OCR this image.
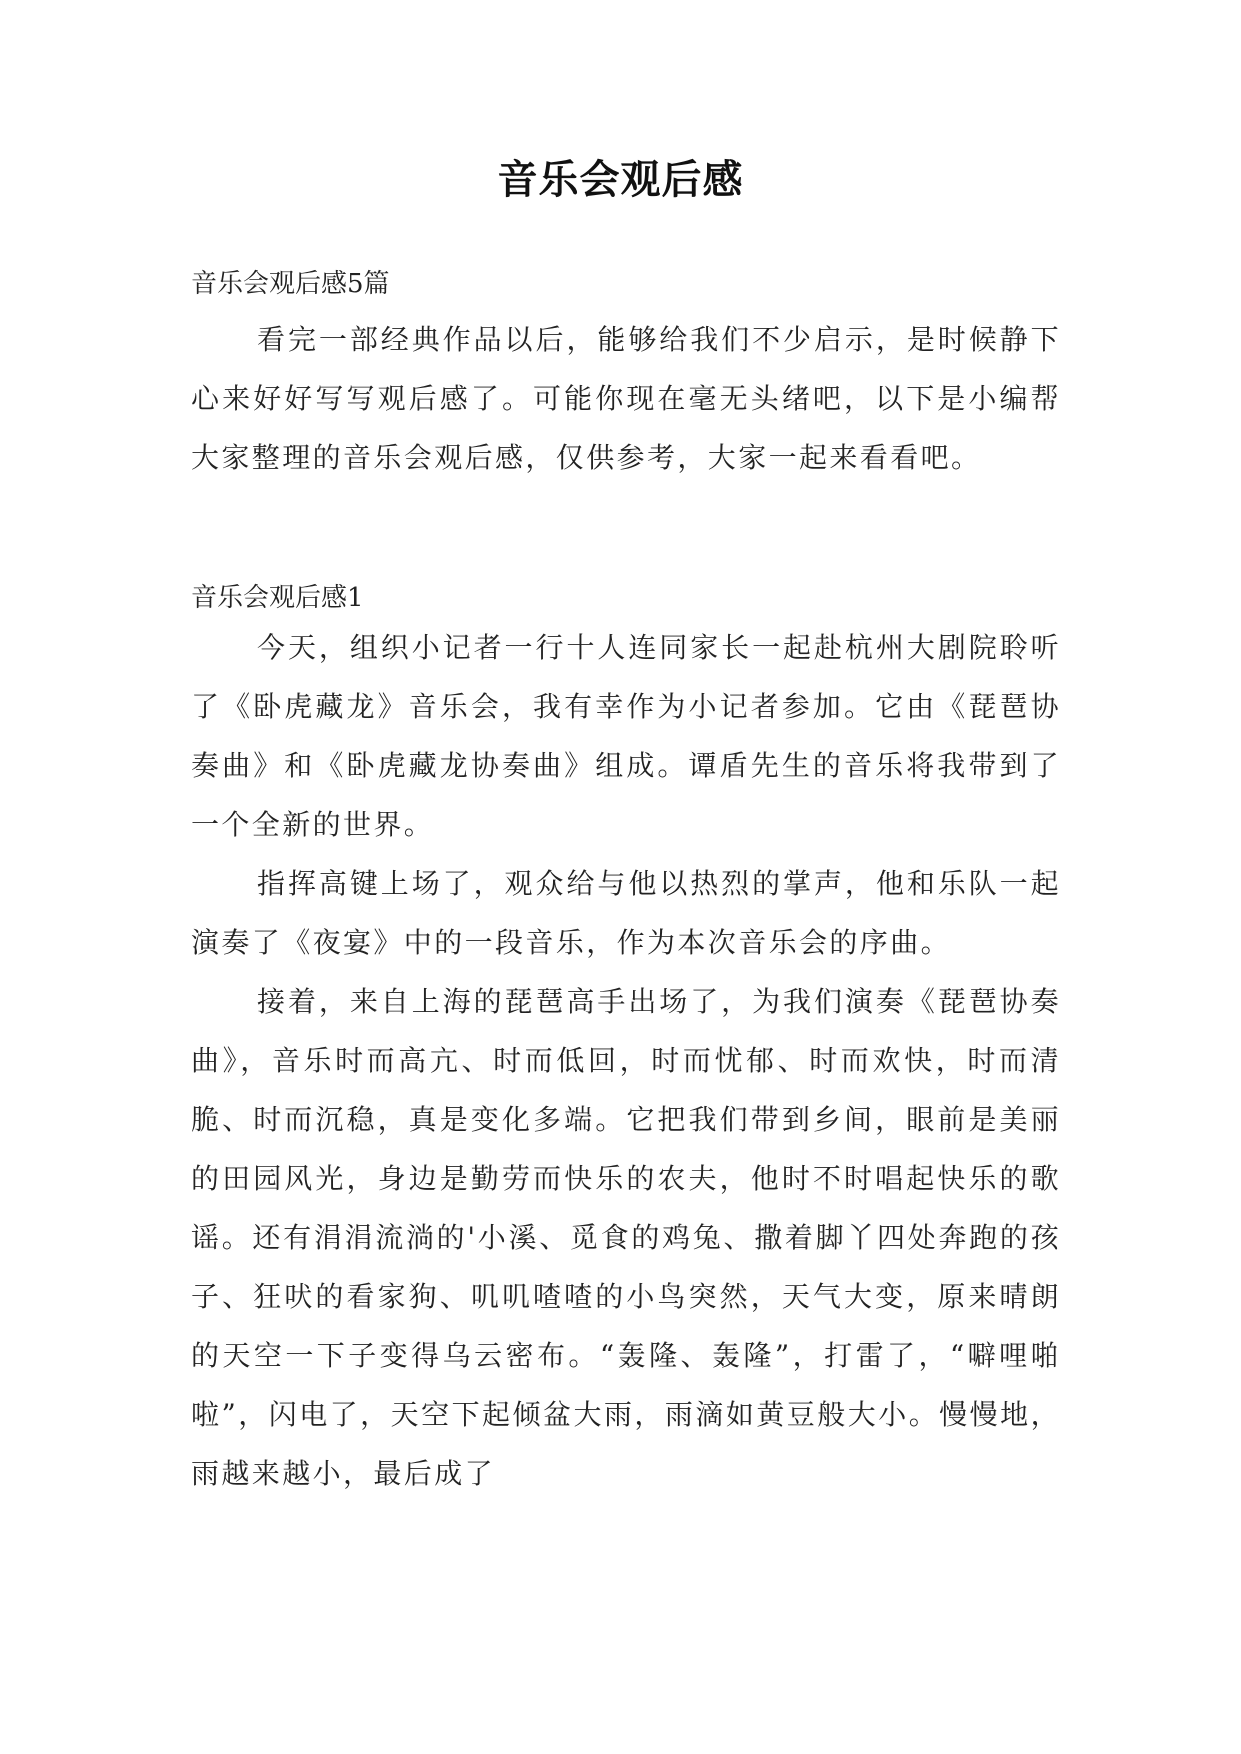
音乐会观后感
音乐会观后感5篇

看完一部经典作品以后，能够给我们不少启示，是时候静下心来好好写写观后感了。可能你现在毫无头绪吧，以下是小编帮大家整理的音乐会观后感，仅供参考，大家一起来看看吧。

音乐会观后感1

今天，组织小记者一行十人连同家长一起赴杭州大剧院聆听了《卧虎藏龙》音乐会，我有幸作为小记者参加。它由《琵琶协奏曲》和《卧虎藏龙协奏曲》组成。谭盾先生的音乐将我带到了一个全新的世界。

指挥高键上场了，观众给与他以热烈的掌声，他和乐队一起演奏了《夜宴》中的一段音乐，作为本次音乐会的序曲。

接着，来自上海的琵琶高手出场了，为我们演奏《琵琶协奏曲》，音乐时而高亢、时而低回，时而忧郁、时而欢快，时而清脆、时而沉稳，真是变化多端。它把我们带到乡间，眼前是美丽的田园风光，身边是勤劳而快乐的农夫，他时不时唱起快乐的歌谣。还有涓涓流淌的'小溪、觅食的鸡兔、撒着脚丫四处奔跑的孩子、狂吠的看家狗、叽叽喳喳的小鸟突然，天气大变，原来晴朗的天空一下子变得乌云密布。“轰隆、轰隆”，打雷了，“噼哩啪啦”，闪电了，天空下起倾盆大雨，雨滴如黄豆般大小。慢慢地，雨越来越小，最后成了
